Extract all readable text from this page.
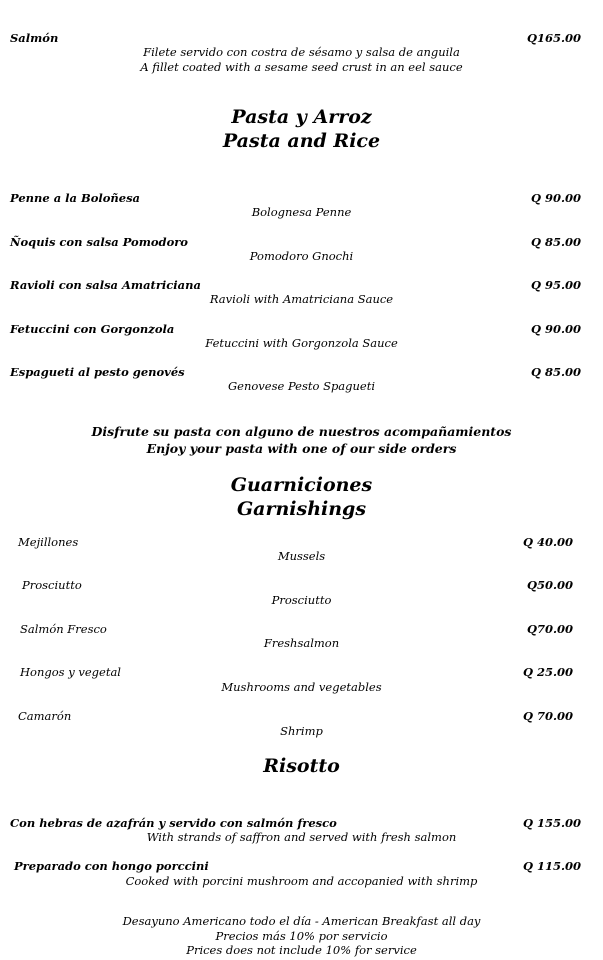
Salmón	Q165.00
Filete servido con costra de sésamo y salsa de anguila
A fillet coated with a sesame seed crust in an eel sauce
Pasta y Arroz
Pasta and Rice
Penne a la Boloñesa	Q 90.00
Bolognesa Penne
Ñoquis con salsa Pomodoro	Q 85.00
Pomodoro Gnochi
Ravioli con salsa Amatriciana	Q 95.00
Ravioli with Amatriciana Sauce
Fetuccini con Gorgonzola	Q 90.00
Fetuccini with Gorgonzola Sauce
Espagueti al pesto genovés	Q 85.00
Genovese Pesto Spagueti
Disfrute su pasta con alguno de nuestros acompañamientos
Enjoy your pasta with one of our side orders
Guarniciones
Garnishings
Mejillones	Q 40.00
Mussels
Prosciutto	Q50.00
Prosciutto
Salmón Fresco	Q70.00
Freshsalmon
Hongos y vegetal	Q 25.00
Mushrooms and vegetables
Camarón	Q 70.00
Shrimp
Risotto
Con hebras de azafrán y servido con salmón fresco	Q 155.00
With strands of saffron and served with fresh salmon
Preparado con hongo porccini	Q 115.00
Cooked with porcini mushroom and accopanied with shrimp
Desayuno Americano todo el día - American Breakfast all day
Precios más 10% por servicio
Prices does not include 10% for service
